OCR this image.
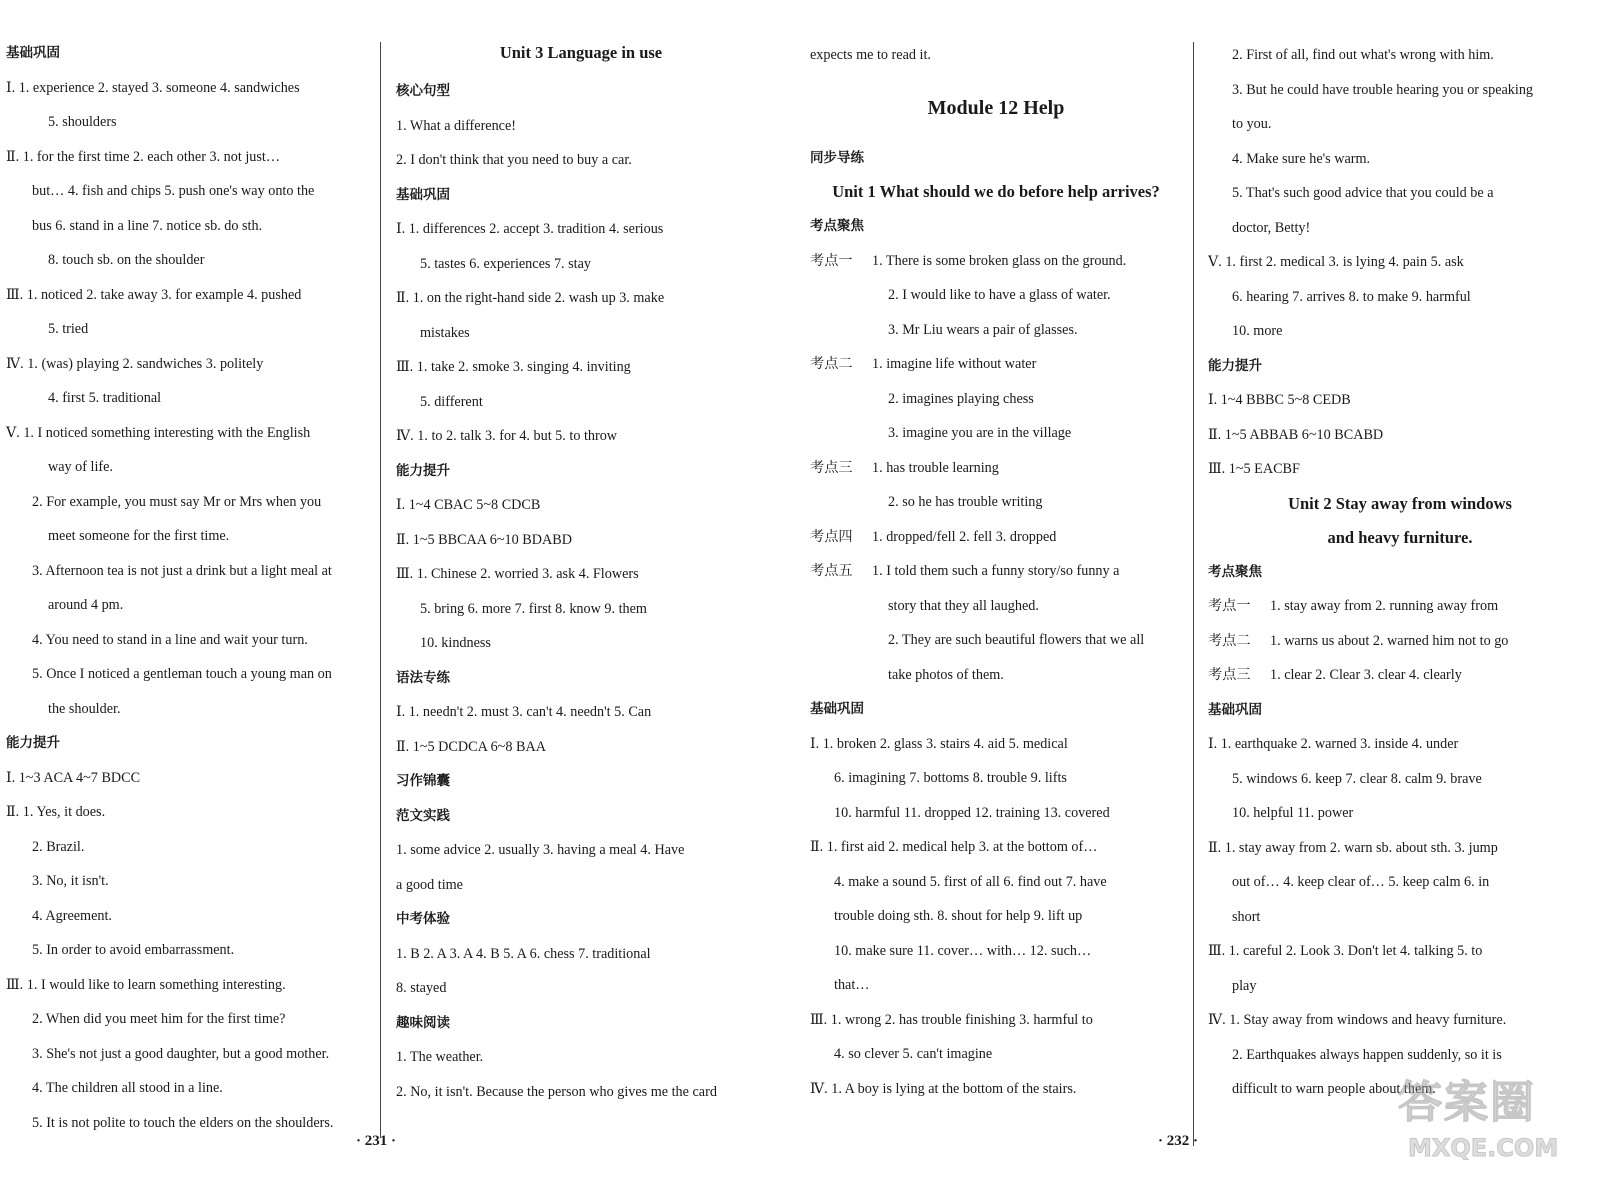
基础巩固
Ⅰ. 1. experience 2. stayed 3. someone 4. sandwiches
5. shoulders
Ⅱ. 1. for the first time 2. each other 3. not just…
but… 4. fish and chips 5. push one's way onto the
bus 6. stand in a line 7. notice sb. do sth.
8. touch sb. on the shoulder
Ⅲ. 1. noticed 2. take away 3. for example 4. pushed
5. tried
Ⅳ. 1. (was) playing 2. sandwiches 3. politely
4. first 5. traditional
Ⅴ. 1. I noticed something interesting with the English
way of life.
2. For example, you must say Mr or Mrs when you
meet someone for the first time.
3. Afternoon tea is not just a drink but a light meal at
around 4 pm.
4. You need to stand in a line and wait your turn.
5. Once I noticed a gentleman touch a young man on
the shoulder.
能力提升
Ⅰ. 1~3 ACA 4~7 BDCC
Ⅱ. 1. Yes, it does.
2. Brazil.
3. No, it isn't.
4. Agreement.
5. In order to avoid embarrassment.
Ⅲ. 1. I would like to learn something interesting.
2. When did you meet him for the first time?
3. She's not just a good daughter, but a good mother.
4. The children all stood in a line.
5. It is not polite to touch the elders on the shoulders.
Unit 3 Language in use
核心句型
1. What a difference!
2. I don't think that you need to buy a car.
基础巩固
Ⅰ. 1. differences 2. accept 3. tradition 4. serious
5. tastes 6. experiences 7. stay
Ⅱ. 1. on the right-hand side 2. wash up 3. make
mistakes
Ⅲ. 1. take 2. smoke 3. singing 4. inviting
5. different
Ⅳ. 1. to 2. talk 3. for 4. but 5. to throw
能力提升
Ⅰ. 1~4 CBAC 5~8 CDCB
Ⅱ. 1~5 BBCAA 6~10 BDABD
Ⅲ. 1. Chinese 2. worried 3. ask 4. Flowers
5. bring 6. more 7. first 8. know 9. them
10. kindness
语法专练
Ⅰ. 1. needn't 2. must 3. can't 4. needn't 5. Can
Ⅱ. 1~5 DCDCA 6~8 BAA
习作锦囊
范文实践
1. some advice 2. usually 3. having a meal 4. Have
a good time
中考体验
1. B 2. A 3. A 4. B 5. A 6. chess 7. traditional
8. stayed
趣味阅读
1. The weather.
2. No, it isn't. Because the person who gives me the card
expects me to read it.
Module 12 Help
同步导练
Unit 1 What should we do before help arrives?
考点聚焦
考点一 1. There is some broken glass on the ground.
2. I would like to have a glass of water.
3. Mr Liu wears a pair of glasses.
考点二 1. imagine life without water
2. imagines playing chess
3. imagine you are in the village
考点三 1. has trouble learning
2. so he has trouble writing
考点四 1. dropped/fell 2. fell 3. dropped
考点五 1. I told them such a funny story/so funny a
story that they all laughed.
2. They are such beautiful flowers that we all
take photos of them.
基础巩固
Ⅰ. 1. broken 2. glass 3. stairs 4. aid 5. medical
6. imagining 7. bottoms 8. trouble 9. lifts
10. harmful 11. dropped 12. training 13. covered
Ⅱ. 1. first aid 2. medical help 3. at the bottom of…
4. make a sound 5. first of all 6. find out 7. have
trouble doing sth. 8. shout for help 9. lift up
10. make sure 11. cover… with… 12. such…
that…
Ⅲ. 1. wrong 2. has trouble finishing 3. harmful to
4. so clever 5. can't imagine
Ⅳ. 1. A boy is lying at the bottom of the stairs.
2. First of all, find out what's wrong with him.
3. But he could have trouble hearing you or speaking
to you.
4. Make sure he's warm.
5. That's such good advice that you could be a
doctor, Betty!
Ⅴ. 1. first 2. medical 3. is lying 4. pain 5. ask
6. hearing 7. arrives 8. to make 9. harmful
10. more
能力提升
Ⅰ. 1~4 BBBC 5~8 CEDB
Ⅱ. 1~5 ABBAB 6~10 BCABD
Ⅲ. 1~5 EACBF
Unit 2 Stay away from windows
and heavy furniture.
考点聚焦
考点一 1. stay away from 2. running away from
考点二 1. warns us about 2. warned him not to go
考点三 1. clear 2. Clear 3. clear 4. clearly
基础巩固
Ⅰ. 1. earthquake 2. warned 3. inside 4. under
5. windows 6. keep 7. clear 8. calm 9. brave
10. helpful 11. power
Ⅱ. 1. stay away from 2. warn sb. about sth. 3. jump
out of… 4. keep clear of… 5. keep calm 6. in
short
Ⅲ. 1. careful 2. Look 3. Don't let 4. talking 5. to
play
Ⅳ. 1. Stay away from windows and heavy furniture.
2. Earthquakes always happen suddenly, so it is
difficult to warn people about them.
· 231 ·	· 232 ·
答案圈
MXQE.COM
